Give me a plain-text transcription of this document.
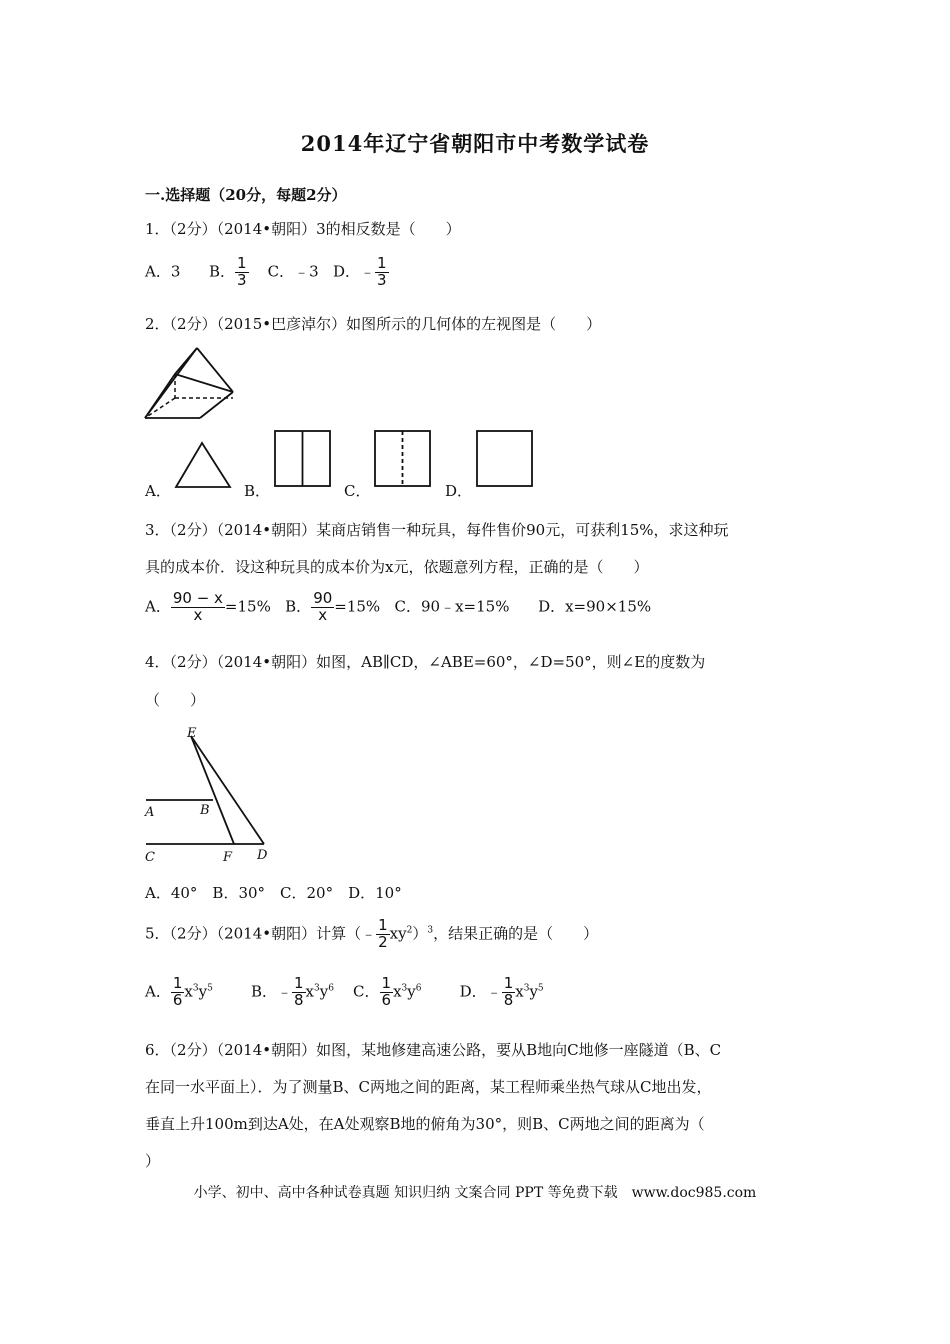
2014年辽宁省朝阳市中考数学试卷
一.选择题（20分，每题2分）
1．（2分）（2014•朝阳）3的相反数是（　　）
A．3 B． $\frac{1}{3}$ C．﹣3 D．﹣ $\frac{1}{3}$
2．（2分）（2015•巴彦淖尔）如图所示的几何体的左视图是（　　）
A．	B．	C．	D．
3．（2分）（2014•朝阳）某商店销售一种玩具，每件售价90元，可获利15%，求这种玩
具的成本价．设这种玩具的成本价为x元，依题意列方程，正确的是（　　）
A． $\frac{90 - x}{x} =15\%$ B． $\frac{90}{x} =15\%$ C．90﹣x=15% D．x=90×15%
4．（2分）（2014•朝阳）如图，AB∥CD，∠ABE=60°，∠D=50°，则∠E的度数为
（　　）
E
A	B
C	F D
A．40°　B．30°　C．20°　D．10°
5．（2分）（2014•朝阳）计算（﹣ $\frac{1}{2} xy^2)^3$，结果正确的是（　　）
A． $\frac{1}{6} x^3y^5$	B．﹣ $\frac{1}{8} x^3y^6$ C． $\frac{1}{6} x^3y^6$	D．﹣ $\frac{1}{8} x^3y^5$
6．（2分）（2014•朝阳）如图，某地修建高速公路，要从B地向C地修一座隧道（B、C
在同一水平面上）．为了测量B、C两地之间的距离，某工程师乘坐热气球从C地出发，
垂直上升100m到达A处，在A处观察B地的俯角为30°，则B、C两地之间的距离为（
）
小学、初中、高中各种试卷真题 知识归纳 文案合同 PPT 等免费下载　www.doc985.com
